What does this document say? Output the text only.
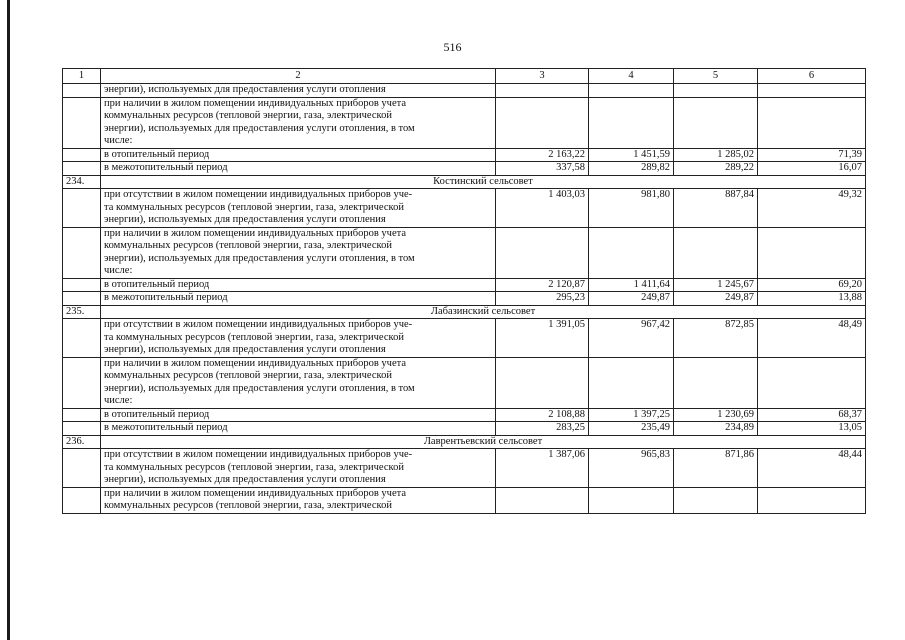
516
1	2	3	4	5	6
	энергии), используемых для предоставления услуги отопления				

	при наличии в жилом помещении индивидуальных приборов учета
коммунальных ресурсов (тепловой энергии, газа, электрической
энергии), используемых для предоставления услуги отопления, в том
числе:				

	в отопительный период	2 163,22	1 451,59	1 285,02	71,39
	в межотопительный период	337,58	289,82	289,22	16,07
234.	Костинский сельсовет				

	при отсутствии в жилом помещении индивидуальных приборов уче-
та коммунальных ресурсов (тепловой энергии, газа, электрической
энергии), используемых для предоставления услуги отопления	1 403,03	981,80	887,84	49,32

	при наличии в жилом помещении индивидуальных приборов учета
коммунальных ресурсов (тепловой энергии, газа, электрической
энергии), используемых для предоставления услуги отопления, в том
числе:				

	в отопительный период	2 120,87	1 411,64	1 245,67	69,20
	в межотопительный период	295,23	249,87	249,87	13,88
235.	Лабазинский сельсовет				

	при отсутствии в жилом помещении индивидуальных приборов уче-
та коммунальных ресурсов (тепловой энергии, газа, электрической
энергии), используемых для предоставления услуги отопления	1 391,05	967,42	872,85	48,49

	при наличии в жилом помещении индивидуальных приборов учета
коммунальных ресурсов (тепловой энергии, газа, электрической
энергии), используемых для предоставления услуги отопления, в том
числе:				

	в отопительный период	2 108,88	1 397,25	1 230,69	68,37
	в межотопительный период	283,25	235,49	234,89	13,05
236.	Лаврентьевский сельсовет				

	при отсутствии в жилом помещении индивидуальных приборов уче-
та коммунальных ресурсов (тепловой энергии, газа, электрической
энергии), используемых для предоставления услуги отопления	1 387,06	965,83	871,86	48,44

	при наличии в жилом помещении индивидуальных приборов учета
коммунальных ресурсов (тепловой энергии, газа, электрической				
